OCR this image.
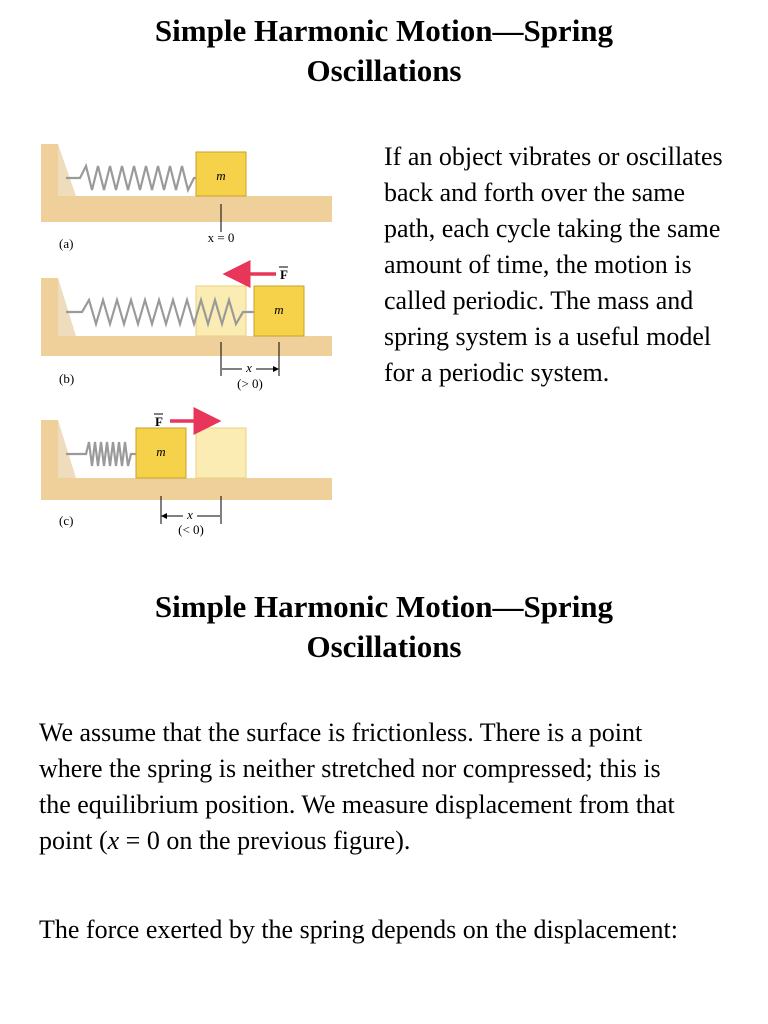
Simple Harmonic Motion—Spring Oscillations

If an object vibrates or oscillates back and forth over the same path, each cycle taking the same amount of time, the motion is called periodic. The mass and spring system is a useful model for a periodic system.

m
x = 0
(a)
m
F
x
(> 0)
(b)
m
F
x
(< 0)
(c)
Simple Harmonic Motion—Spring Oscillations

We assume that the surface is frictionless. There is a point where the spring is neither stretched nor compressed; this is the equilibrium position. We measure displacement from that point (x = 0 on the previous figure).

The force exerted by the spring depends on the displacement:
